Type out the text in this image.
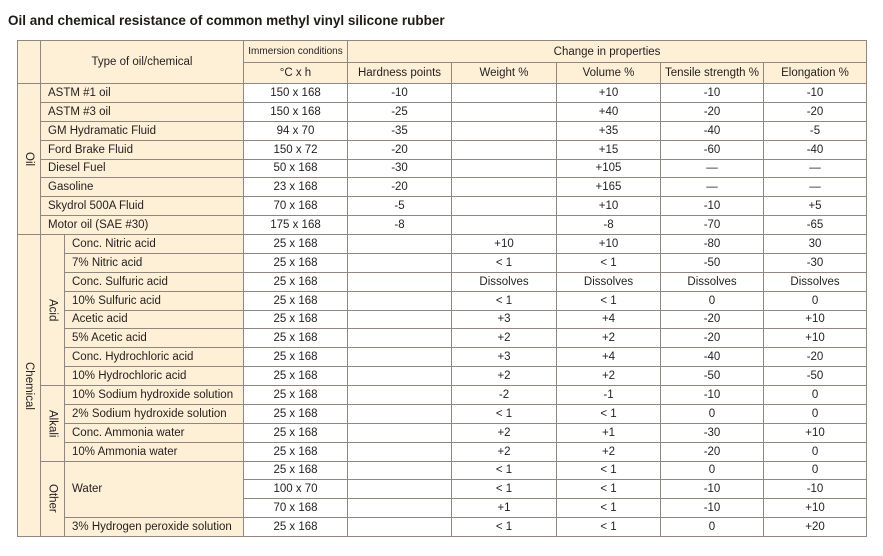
Oil and chemical resistance of common methyl vinyl silicone rubber
	Type of oil/chemical		Immersion conditions	Change in properties				
			°C x h	Hardness points	Weight %	Volume %	Tensile strength %	Elongation %
Oil	ASTM #1 oil		150 x 168	-10		+10	-10	-10
	ASTM #3 oil		150 x 168	-25		+40	-20	-20
	GM Hydramatic Fluid		94 x 70	-35		+35	-40	-5
	Ford Brake Fluid		150 x 72	-20		+15	-60	-40
	Diesel Fuel		50 x 168	-30		+105	—	—
	Gasoline		23 x 168	-20		+165	—	—
	Skydrol 500A Fluid		70 x 168	-5		+10	-10	+5
	Motor oil (SAE #30)		175 x 168	-8		-8	-70	-65
Chemical	Acid	Conc. Nitric acid	25 x 168		+10	+10	-80	30
		7% Nitric acid	25 x 168		< 1	< 1	-50	-30
		Conc. Sulfuric acid	25 x 168		Dissolves	Dissolves	Dissolves	Dissolves
		10% Sulfuric acid	25 x 168		< 1	< 1	0	0
		Acetic acid	25 x 168		+3	+4	-20	+10
		5% Acetic acid	25 x 168		+2	+2	-20	+10
		Conc. Hydrochloric acid	25 x 168		+3	+4	-40	-20
		10% Hydrochloric acid	25 x 168		+2	+2	-50	-50
	Alkali	10% Sodium hydroxide solution	25 x 168		-2	-1	-10	0
		2% Sodium hydroxide solution	25 x 168		< 1	< 1	0	0
		Conc. Ammonia water	25 x 168		+2	+1	-30	+10
		10% Ammonia water	25 x 168		+2	+2	-20	0
	Other	Water	25 x 168		< 1	< 1	0	0
			100 x 70		< 1	< 1	-10	-10
			70 x 168		+1	< 1	-10	+10
		3% Hydrogen peroxide solution	25 x 168		< 1	< 1	0	+20
